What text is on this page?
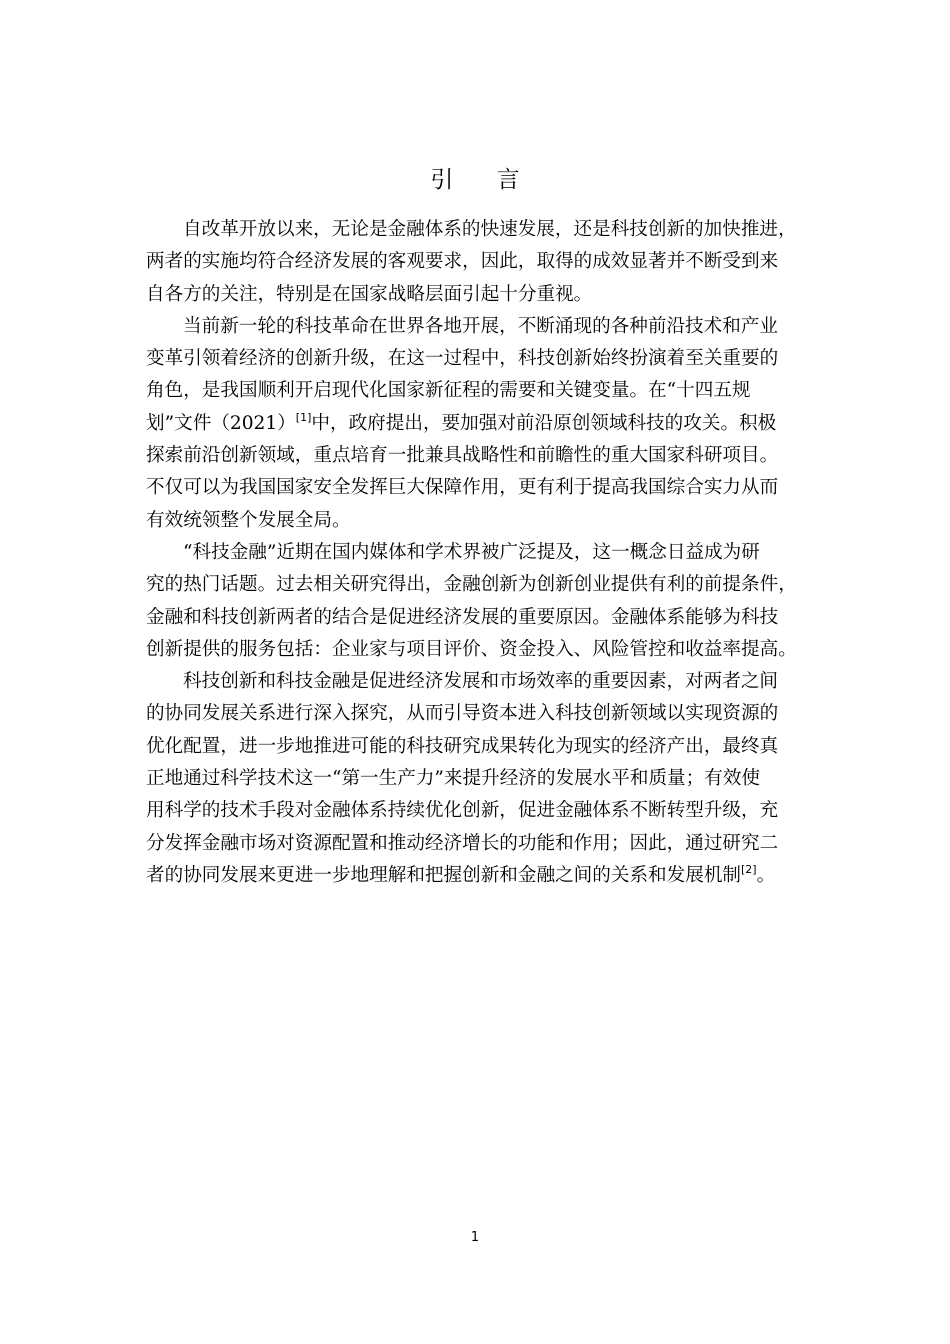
引 言
自改革开放以来，无论是金融体系的快速发展，还是科技创新的加快推进，
两者的实施均符合经济发展的客观要求，因此，取得的成效显著并不断受到来
自各方的关注，特别是在国家战略层面引起十分重视。
当前新一轮的科技革命在世界各地开展，不断涌现的各种前沿技术和产业
变革引领着经济的创新升级，在这一过程中，科技创新始终扮演着至关重要的
角色，是我国顺利开启现代化国家新征程的需要和关键变量。在“十四五规
划”文件（2021）[1]中，政府提出，要加强对前沿原创领域科技的攻关。积极
探索前沿创新领域，重点培育一批兼具战略性和前瞻性的重大国家科研项目。
不仅可以为我国国家安全发挥巨大保障作用，更有利于提高我国综合实力从而
有效统领整个发展全局。
“科技金融”近期在国内媒体和学术界被广泛提及，这一概念日益成为研
究的热门话题。过去相关研究得出，金融创新为创新创业提供有利的前提条件，
金融和科技创新两者的结合是促进经济发展的重要原因。金融体系能够为科技
创新提供的服务包括：企业家与项目评价、资金投入、风险管控和收益率提高。
科技创新和科技金融是促进经济发展和市场效率的重要因素，对两者之间
的协同发展关系进行深入探究，从而引导资本进入科技创新领域以实现资源的
优化配置，进一步地推进可能的科技研究成果转化为现实的经济产出，最终真
正地通过科学技术这一“第一生产力”来提升经济的发展水平和质量；有效使
用科学的技术手段对金融体系持续优化创新，促进金融体系不断转型升级，充
分发挥金融市场对资源配置和推动经济增长的功能和作用；因此，通过研究二
者的协同发展来更进一步地理解和把握创新和金融之间的关系和发展机制[2]。
1
